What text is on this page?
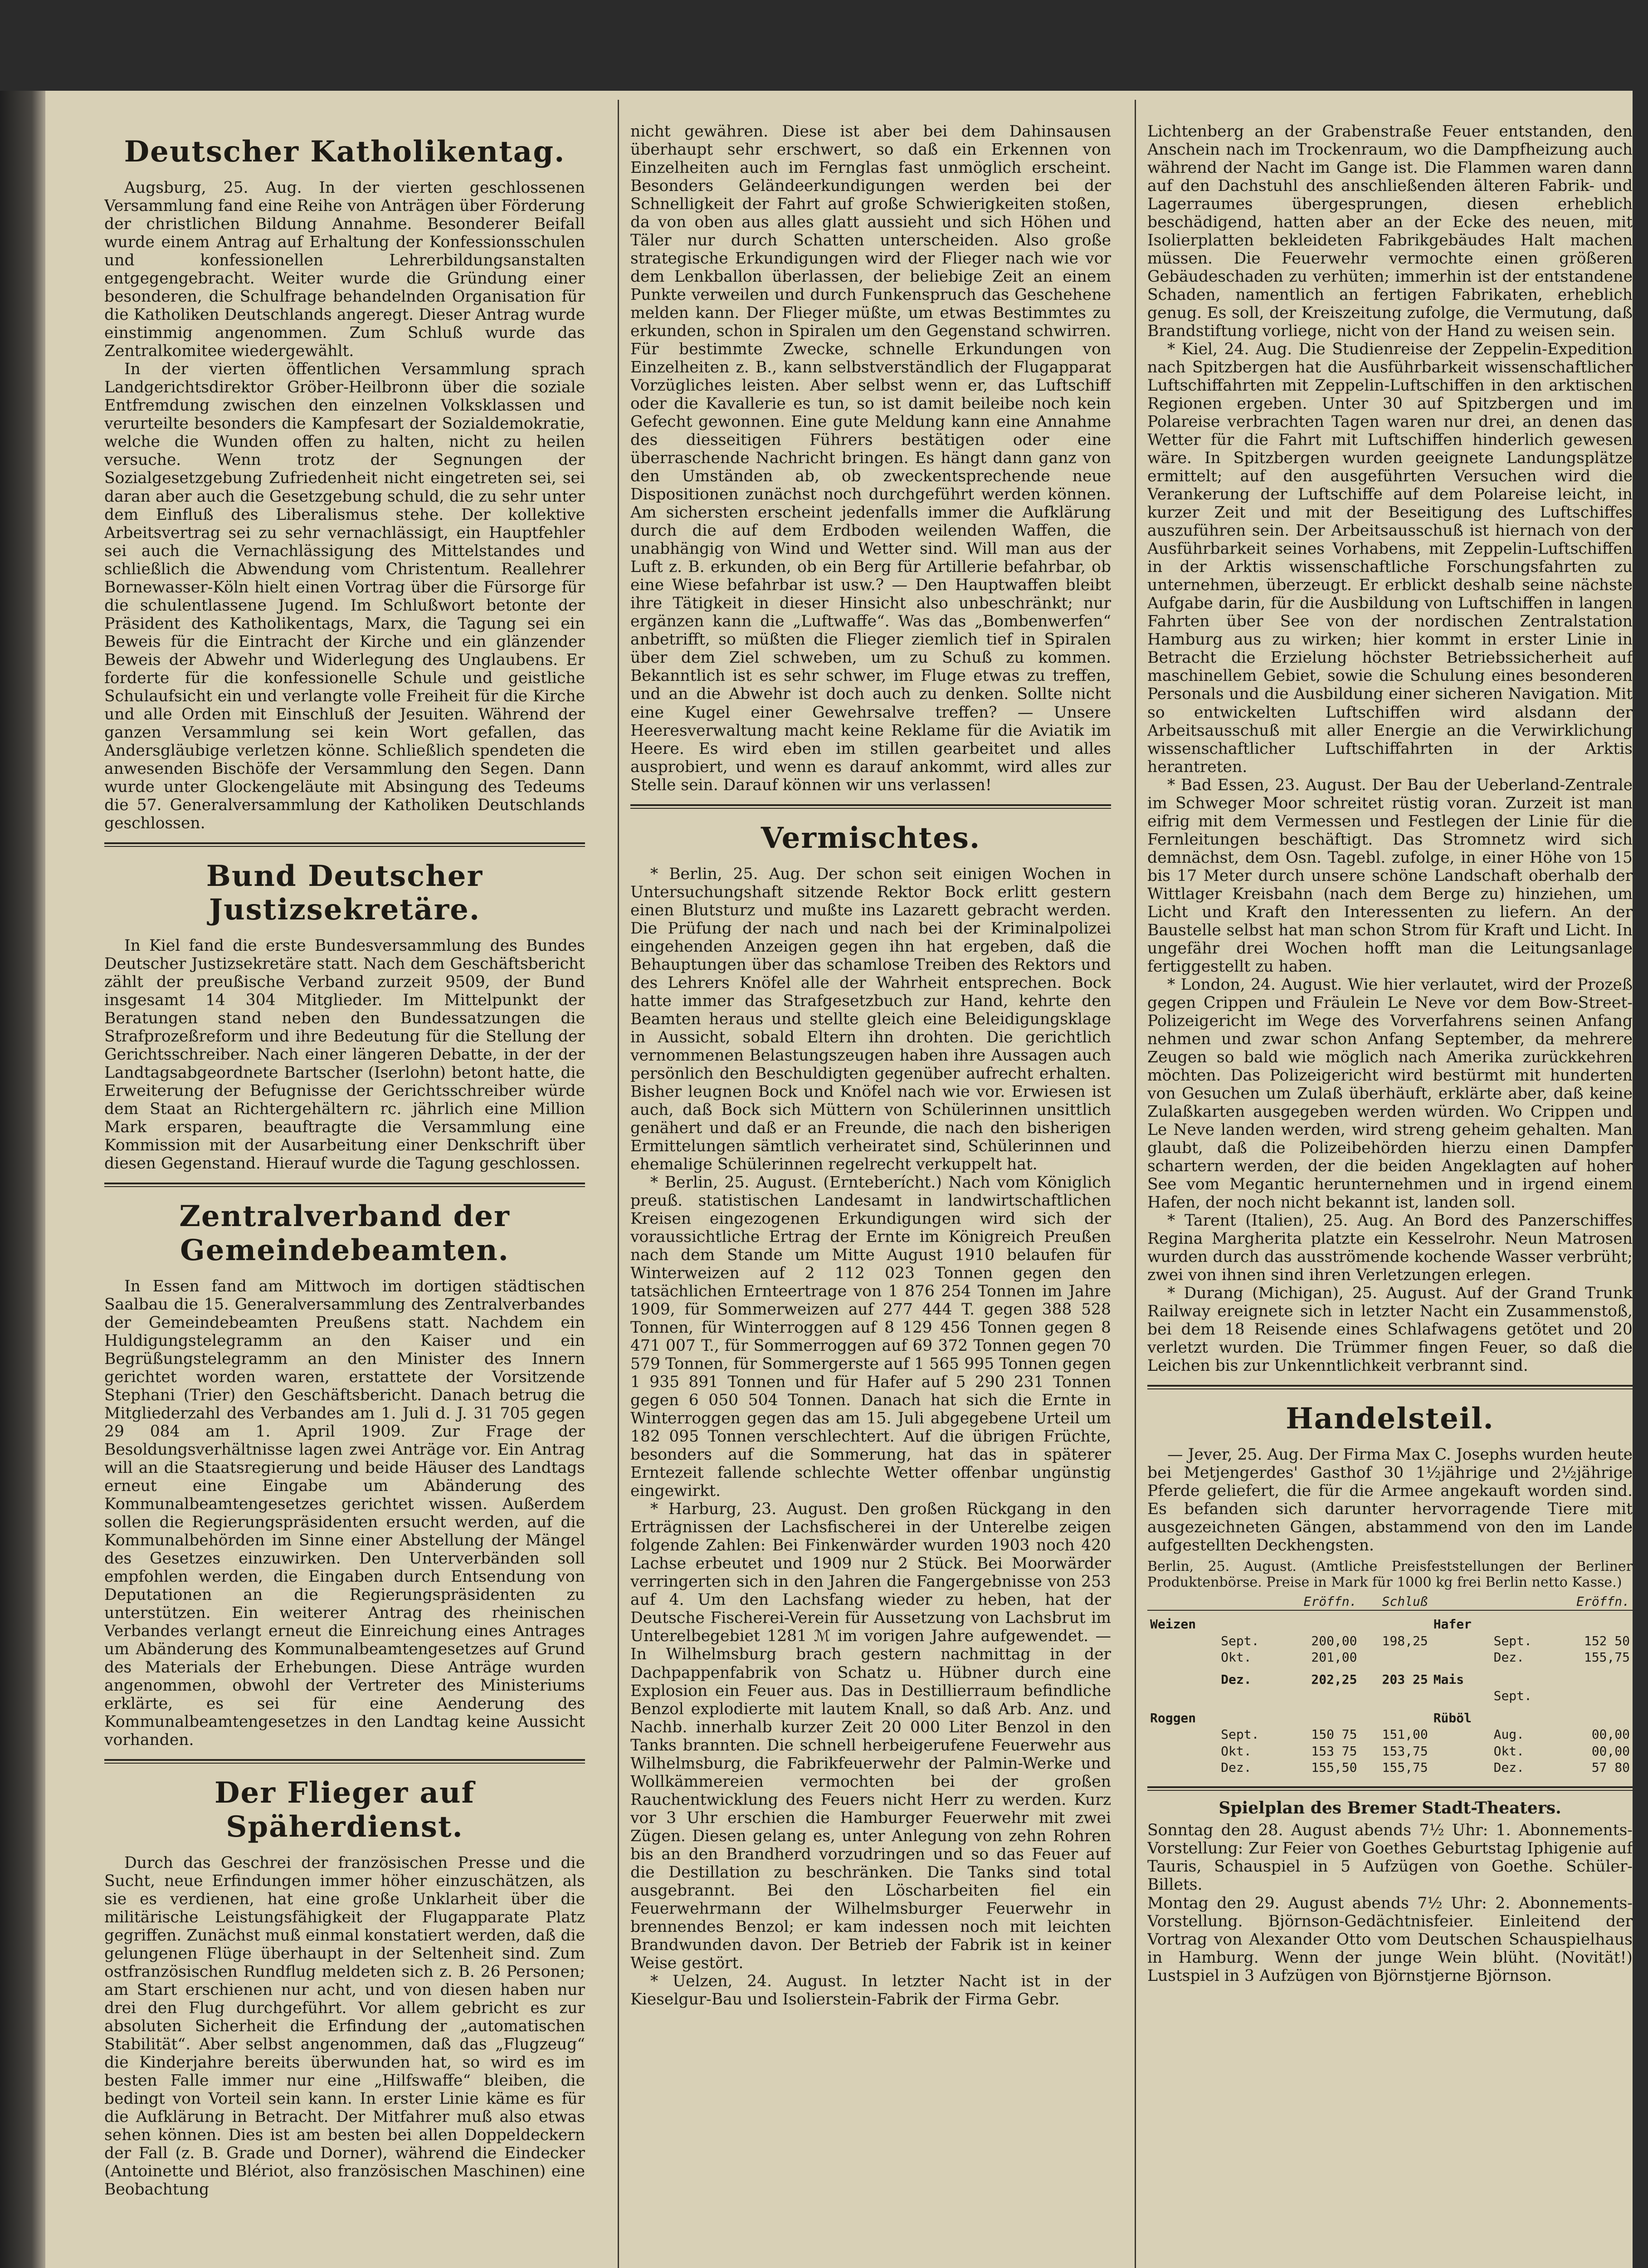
Deutscher Katholikentag.

Augsburg, 25. Aug. In der vierten geschlossenen Versammlung fand eine Reihe von Anträgen über Förderung der christlichen Bildung Annahme. Besonderer Beifall wurde einem Antrag auf Erhaltung der Konfessionsschulen und konfessionellen Lehrerbildungsanstalten entgegengebracht. Weiter wurde die Gründung einer besonderen, die Schulfrage behandelnden Organisation für die Katholiken Deutschlands angeregt. Dieser Antrag wurde einstimmig angenommen. Zum Schluß wurde das Zentralkomitee wiedergewählt.

In der vierten öffentlichen Versammlung sprach Landgerichtsdirektor Gröber-Heilbronn über die soziale Entfremdung zwischen den einzelnen Volksklassen und verurteilte besonders die Kampfesart der Sozialdemokratie, welche die Wunden offen zu halten, nicht zu heilen versuche. Wenn trotz der Segnungen der Sozialgesetzgebung Zufriedenheit nicht eingetreten sei, sei daran aber auch die Gesetzgebung schuld, die zu sehr unter dem Einfluß des Liberalismus stehe. Der kollektive Arbeitsvertrag sei zu sehr vernachlässigt, ein Hauptfehler sei auch die Vernachlässigung des Mittelstandes und schließlich die Abwendung vom Christentum. Reallehrer Bornewasser-Köln hielt einen Vortrag über die Fürsorge für die schulentlassene Jugend. Im Schlußwort betonte der Präsident des Katholikentags, Marx, die Tagung sei ein Beweis für die Eintracht der Kirche und ein glänzender Beweis der Abwehr und Widerlegung des Unglaubens. Er forderte für die konfessionelle Schule und geistliche Schulaufsicht ein und verlangte volle Freiheit für die Kirche und alle Orden mit Einschluß der Jesuiten. Während der ganzen Versammlung sei kein Wort gefallen, das Andersgläubige verletzen könne. Schließlich spendeten die anwesenden Bischöfe der Versammlung den Segen. Dann wurde unter Glockengeläute mit Absingung des Tedeums die 57. Generalversammlung der Katholiken Deutschlands geschlossen.

Bund Deutscher Justizsekretäre.

In Kiel fand die erste Bundesversammlung des Bundes Deutscher Justizsekretäre statt. Nach dem Geschäftsbericht zählt der preußische Verband zurzeit 9509, der Bund insgesamt 14 304 Mitglieder. Im Mittelpunkt der Beratungen stand neben den Bundessatzungen die Strafprozeßreform und ihre Bedeutung für die Stellung der Gerichtsschreiber. Nach einer längeren Debatte, in der der Landtagsabgeordnete Bartscher (Iserlohn) betont hatte, die Erweiterung der Befugnisse der Gerichtsschreiber würde dem Staat an Richtergehältern rc. jährlich eine Million Mark ersparen, beauftragte die Versammlung eine Kommission mit der Ausarbeitung einer Denkschrift über diesen Gegenstand. Hierauf wurde die Tagung geschlossen.

Zentralverband der Gemeindebeamten.

In Essen fand am Mittwoch im dortigen städtischen Saalbau die 15. Generalversammlung des Zentralverbandes der Gemeindebeamten Preußens statt. Nachdem ein Huldigungstelegramm an den Kaiser und ein Begrüßungstelegramm an den Minister des Innern gerichtet worden waren, erstattete der Vorsitzende Stephani (Trier) den Geschäftsbericht. Danach betrug die Mitgliederzahl des Verbandes am 1. Juli d. J. 31 705 gegen 29 084 am 1. April 1909. Zur Frage der Besoldungsverhältnisse lagen zwei Anträge vor. Ein Antrag will an die Staatsregierung und beide Häuser des Landtags erneut eine Eingabe um Abänderung des Kommunalbeamtengesetzes gerichtet wissen. Außerdem sollen die Regierungspräsidenten ersucht werden, auf die Kommunalbehörden im Sinne einer Abstellung der Mängel des Gesetzes einzuwirken. Den Unterverbänden soll empfohlen werden, die Eingaben durch Entsendung von Deputationen an die Regierungspräsidenten zu unterstützen. Ein weiterer Antrag des rheinischen Verbandes verlangt erneut die Einreichung eines Antrages um Abänderung des Kommunalbeamtengesetzes auf Grund des Materials der Erhebungen. Diese Anträge wurden angenommen, obwohl der Vertreter des Ministeriums erklärte, es sei für eine Aenderung des Kommunalbeamtengesetzes in den Landtag keine Aussicht vorhanden.

Der Flieger auf Späherdienst.

Durch das Geschrei der französischen Presse und die Sucht, neue Erfindungen immer höher einzuschätzen, als sie es verdienen, hat eine große Unklarheit über die militärische Leistungsfähigkeit der Flugapparate Platz gegriffen. Zunächst muß einmal konstatiert werden, daß die gelungenen Flüge überhaupt in der Seltenheit sind. Zum ostfranzösischen Rundflug meldeten sich z. B. 26 Personen; am Start erschienen nur acht, und von diesen haben nur drei den Flug durchgeführt. Vor allem gebricht es zur absoluten Sicherheit die Erfindung der „automatischen Stabilität“. Aber selbst angenommen, daß das „Flugzeug“ die Kinderjahre bereits überwunden hat, so wird es im besten Falle immer nur eine „Hilfswaffe“ bleiben, die bedingt von Vorteil sein kann. In erster Linie käme es für die Aufklärung in Betracht. Der Mitfahrer muß also etwas sehen können. Dies ist am besten bei allen Doppeldeckern der Fall (z. B. Grade und Dorner), während die Eindecker (Antoinette und Blériot, also französischen Maschinen) eine Beobachtung

nicht gewähren. Diese ist aber bei dem Dahinsausen überhaupt sehr erschwert, so daß ein Erkennen von Einzelheiten auch im Fernglas fast unmöglich erscheint. Besonders Geländeerkundigungen werden bei der Schnelligkeit der Fahrt auf große Schwierigkeiten stoßen, da von oben aus alles glatt aussieht und sich Höhen und Täler nur durch Schatten unterscheiden. Also große strategische Erkundigungen wird der Flieger nach wie vor dem Lenkballon überlassen, der beliebige Zeit an einem Punkte verweilen und durch Funkenspruch das Geschehene melden kann. Der Flieger müßte, um etwas Bestimmtes zu erkunden, schon in Spiralen um den Gegenstand schwirren. Für bestimmte Zwecke, schnelle Erkundungen von Einzelheiten z. B., kann selbstverständlich der Flugapparat Vorzügliches leisten. Aber selbst wenn er, das Luftschiff oder die Kavallerie es tun, so ist damit beileibe noch kein Gefecht gewonnen. Eine gute Meldung kann eine Annahme des diesseitigen Führers bestätigen oder eine überraschende Nachricht bringen. Es hängt dann ganz von den Umständen ab, ob zweckentsprechende neue Dispositionen zunächst noch durchgeführt werden können. Am sichersten erscheint jedenfalls immer die Aufklärung durch die auf dem Erdboden weilenden Waffen, die unabhängig von Wind und Wetter sind. Will man aus der Luft z. B. erkunden, ob ein Berg für Artillerie befahrbar, ob eine Wiese befahrbar ist usw.? — Den Hauptwaffen bleibt ihre Tätigkeit in dieser Hinsicht also unbeschränkt; nur ergänzen kann die „Luftwaffe“. Was das „Bombenwerfen“ anbetrifft, so müßten die Flieger ziemlich tief in Spiralen über dem Ziel schweben, um zu Schuß zu kommen. Bekanntlich ist es sehr schwer, im Fluge etwas zu treffen, und an die Abwehr ist doch auch zu denken. Sollte nicht eine Kugel einer Gewehrsalve treffen? — Unsere Heeresverwaltung macht keine Reklame für die Aviatik im Heere. Es wird eben im stillen gearbeitet und alles ausprobiert, und wenn es darauf ankommt, wird alles zur Stelle sein. Darauf können wir uns verlassen!

Vermischtes.

* Berlin, 25. Aug. Der schon seit einigen Wochen in Untersuchungshaft sitzende Rektor Bock erlitt gestern einen Blutsturz und mußte ins Lazarett gebracht werden. Die Prüfung der nach und nach bei der Kriminalpolizei eingehenden Anzeigen gegen ihn hat ergeben, daß die Behauptungen über das schamlose Treiben des Rektors und des Lehrers Knöfel alle der Wahrheit entsprechen. Bock hatte immer das Strafgesetzbuch zur Hand, kehrte den Beamten heraus und stellte gleich eine Beleidigungsklage in Aussicht, sobald Eltern ihn drohten. Die gerichtlich vernommenen Belastungszeugen haben ihre Aussagen auch persönlich den Beschuldigten gegenüber aufrecht erhalten. Bisher leugnen Bock und Knöfel nach wie vor. Erwiesen ist auch, daß Bock sich Müttern von Schülerinnen unsittlich genähert und daß er an Freunde, die nach den bisherigen Ermittelungen sämtlich verheiratet sind, Schülerinnen und ehemalige Schülerinnen regelrecht verkuppelt hat.

* Berlin, 25. August. (Ernteberícht.) Nach vom Königlich preuß. statistischen Landesamt in landwirtschaftlichen Kreisen eingezogenen Erkundigungen wird sich der voraussichtliche Ertrag der Ernte im Königreich Preußen nach dem Stande um Mitte August 1910 belaufen für Winterweizen auf 2 112 023 Tonnen gegen den tatsächlichen Ernteertrage von 1 876 254 Tonnen im Jahre 1909, für Sommerweizen auf 277 444 T. gegen 388 528 Tonnen, für Winterroggen auf 8 129 456 Tonnen gegen 8 471 007 T., für Sommerroggen auf 69 372 Tonnen gegen 70 579 Tonnen, für Sommergerste auf 1 565 995 Tonnen gegen 1 935 891 Tonnen und für Hafer auf 5 290 231 Tonnen gegen 6 050 504 Tonnen. Danach hat sich die Ernte in Winterroggen gegen das am 15. Juli abgegebene Urteil um 182 095 Tonnen verschlechtert. Auf die übrigen Früchte, besonders auf die Sommerung, hat das in späterer Erntezeit fallende schlechte Wetter offenbar ungünstig eingewirkt.

* Harburg, 23. August. Den großen Rückgang in den Erträgnissen der Lachsfischerei in der Unterelbe zeigen folgende Zahlen: Bei Finkenwärder wurden 1903 noch 420 Lachse erbeutet und 1909 nur 2 Stück. Bei Moorwärder verringerten sich in den Jahren die Fangergebnisse von 253 auf 4. Um den Lachsfang wieder zu heben, hat der Deutsche Fischerei-Verein für Aussetzung von Lachsbrut im Unterelbegebiet 1281 ℳ im vorigen Jahre aufgewendet. — In Wilhelmsburg brach gestern nachmittag in der Dachpappenfabrik von Schatz u. Hübner durch eine Explosion ein Feuer aus. Das in Destillierraum befindliche Benzol explodierte mit lautem Knall, so daß Arb. Anz. und Nachb. innerhalb kurzer Zeit 20 000 Liter Benzol in den Tanks brannten. Die schnell herbeigerufene Feuerwehr aus Wilhelmsburg, die Fabrikfeuerwehr der Palmin-Werke und Wollkämmereien vermochten bei der großen Rauchentwicklung des Feuers nicht Herr zu werden. Kurz vor 3 Uhr erschien die Hamburger Feuerwehr mit zwei Zügen. Diesen gelang es, unter Anlegung von zehn Rohren bis an den Brandherd vorzudringen und so das Feuer auf die Destillation zu beschränken. Die Tanks sind total ausgebrannt. Bei den Löscharbeiten fiel ein Feuerwehrmann der Wilhelmsburger Feuerwehr in brennendes Benzol; er kam indessen noch mit leichten Brandwunden davon. Der Betrieb der Fabrik ist in keiner Weise gestört.

* Uelzen, 24. August. In letzter Nacht ist in der Kieselgur-Bau und Isolierstein-Fabrik der Firma Gebr.

Lichtenberg an der Grabenstraße Feuer entstanden, den Anschein nach im Trockenraum, wo die Dampfheizung auch während der Nacht im Gange ist. Die Flammen waren dann auf den Dachstuhl des anschließenden älteren Fabrik- und Lagerraumes übergesprungen, diesen erheblich beschädigend, hatten aber an der Ecke des neuen, mit Isolierplatten bekleideten Fabrikgebäudes Halt machen müssen. Die Feuerwehr vermochte einen größeren Gebäudeschaden zu verhüten; immerhin ist der entstandene Schaden, namentlich an fertigen Fabrikaten, erheblich genug. Es soll, der Kreiszeitung zufolge, die Vermutung, daß Brandstiftung vorliege, nicht von der Hand zu weisen sein.

* Kiel, 24. Aug. Die Studienreise der Zeppelin-Expedition nach Spitzbergen hat die Ausführbarkeit wissenschaftlicher Luftschiffahrten mit Zeppelin-Luftschiffen in den arktischen Regionen ergeben. Unter 30 auf Spitzbergen und im Polareise verbrachten Tagen waren nur drei, an denen das Wetter für die Fahrt mit Luftschiffen hinderlich gewesen wäre. In Spitzbergen wurden geeignete Landungsplätze ermittelt; auf den ausgeführten Versuchen wird die Verankerung der Luftschiffe auf dem Polareise leicht, in kurzer Zeit und mit der Beseitigung des Luftschiffes auszuführen sein. Der Arbeitsausschuß ist hiernach von der Ausführbarkeit seines Vorhabens, mit Zeppelin-Luftschiffen in der Arktis wissenschaftliche Forschungsfahrten zu unternehmen, überzeugt. Er erblickt deshalb seine nächste Aufgabe darin, für die Ausbildung von Luftschiffen in langen Fahrten über See von der nordischen Zentralstation Hamburg aus zu wirken; hier kommt in erster Linie in Betracht die Erzielung höchster Betriebssicherheit auf maschinellem Gebiet, sowie die Schulung eines besonderen Personals und die Ausbildung einer sicheren Navigation. Mit so entwickelten Luftschiffen wird alsdann der Arbeitsausschuß mit aller Energie an die Verwirklichung wissenschaftlicher Luftschiffahrten in der Arktis herantreten.

* Bad Essen, 23. August. Der Bau der Ueberland-Zentrale im Schweger Moor schreitet rüstig voran. Zurzeit ist man eifrig mit dem Vermessen und Festlegen der Linie für die Fernleitungen beschäftigt. Das Stromnetz wird sich demnächst, dem Osn. Tagebl. zufolge, in einer Höhe von 15 bis 17 Meter durch unsere schöne Landschaft oberhalb der Wittlager Kreisbahn (nach dem Berge zu) hinziehen, um Licht und Kraft den Interessenten zu liefern. An der Baustelle selbst hat man schon Strom für Kraft und Licht. In ungefähr drei Wochen hofft man die Leitungsanlage fertiggestellt zu haben.

* London, 24. August. Wie hier verlautet, wird der Prozeß gegen Crippen und Fräulein Le Neve vor dem Bow-Street-Polizeigericht im Wege des Vorverfahrens seinen Anfang nehmen und zwar schon Anfang September, da mehrere Zeugen so bald wie möglich nach Amerika zurückkehren möchten. Das Polizeigericht wird bestürmt mit hunderten von Gesuchen um Zulaß überhäuft, erklärte aber, daß keine Zulaßkarten ausgegeben werden würden. Wo Crippen und Le Neve landen werden, wird streng geheim gehalten. Man glaubt, daß die Polizeibehörden hierzu einen Dampfer schartern werden, der die beiden Angeklagten auf hoher See vom Megantic herunternehmen und in irgend einem Hafen, der noch nicht bekannt ist, landen soll.

* Tarent (Italien), 25. Aug. An Bord des Panzerschiffes Regina Margherita platzte ein Kesselrohr. Neun Matrosen wurden durch das ausströmende kochende Wasser verbrüht; zwei von ihnen sind ihren Verletzungen erlegen.

* Durang (Michigan), 25. August. Auf der Grand Trunk Railway ereignete sich in letzter Nacht ein Zusammenstoß, bei dem 18 Reisende eines Schlafwagens getötet und 20 verletzt wurden. Die Trümmer fingen Feuer, so daß die Leichen bis zur Unkenntlichkeit verbrannt sind.

Handelsteil.

— Jever, 25. Aug. Der Firma Max C. Josephs wurden heute bei Metjengerdes' Gasthof 30 1½jährige und 2½jährige Pferde geliefert, die für die Armee angekauft worden sind. Es befanden sich darunter hervorragende Tiere mit ausgezeichneten Gängen, abstammend von den im Lande aufgestellten Deckhengsten.

Berlin, 25. August. (Amtliche Preisfeststellungen der Berliner Produktenbörse. Preise in Mark für 1000 kg frei Berlin netto Kasse.)

		Eröffn.	Schluß			Eröffn.
Weizen				Hafer		
	Sept.	200,00	198,25		Sept.	152 50
	Okt.	201,00			Dez.	155,75
	Dez.	202,25	203 25	Mais		
					Sept.	
Roggen				Rüböl		
	Sept.	150 75	151,00		Aug.	00,00
	Okt.	153 75	153,75		Okt.	00,00
	Dez.	155,50	155,75		Dez.	57 80
Spielplan des Bremer Stadt-Theaters.

Sonntag den 28. August abends 7½ Uhr: 1. Abonnements-Vorstellung: Zur Feier von Goethes Geburtstag Iphigenie auf Tauris, Schauspiel in 5 Aufzügen von Goethe. Schüler-Billets.

Montag den 29. August abends 7½ Uhr: 2. Abonnements-Vorstellung. Björnson-Gedächtnisfeier. Einleitend der Vortrag von Alexander Otto vom Deutschen Schauspielhaus in Hamburg. Wenn der junge Wein blüht. (Novität!) Lustspiel in 3 Aufzügen von Björnstjerne Björnson.
